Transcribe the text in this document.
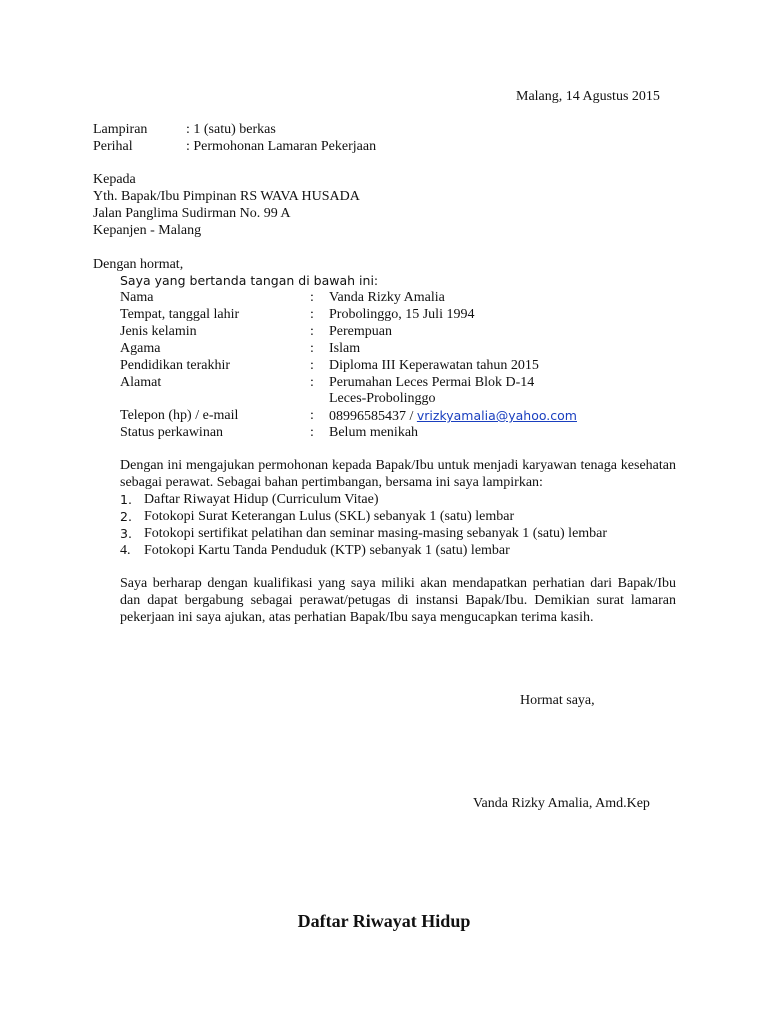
Malang, 14 Agustus 2015
Lampiran	: 1 (satu) berkas
Perihal	: Permohonan Lamaran Pekerjaan
Kepada
Yth. Bapak/Ibu Pimpinan RS WAVA HUSADA
Jalan Panglima Sudirman No. 99 A
Kepanjen - Malang
Dengan hormat,
Saya yang bertanda tangan di bawah ini:
Nama	: Vanda Rizky Amalia
Tempat, tanggal lahir	: Probolinggo, 15 Juli 1994
Jenis kelamin	: Perempuan
Agama	: Islam
Pendidikan terakhir	: Diploma III Keperawatan tahun 2015
Alamat	: Perumahan Leces Permai Blok D-14
Leces-Probolinggo
Telepon (hp) / e-mail	: 08996585437 / vrizkyamalia@yahoo.com
Status perkawinan	: Belum menikah
Dengan ini mengajukan permohonan kepada Bapak/Ibu untuk menjadi karyawan tenaga kesehatan sebagai perawat. Sebagai bahan pertimbangan, bersama ini saya lampirkan:
1. Daftar Riwayat Hidup (Curriculum Vitae)
2. Fotokopi Surat Keterangan Lulus (SKL) sebanyak 1 (satu) lembar
3. Fotokopi sertifikat pelatihan dan seminar masing-masing sebanyak 1 (satu) lembar
4. Fotokopi Kartu Tanda Penduduk (KTP) sebanyak 1 (satu) lembar
Saya berharap dengan kualifikasi yang saya miliki akan mendapatkan perhatian dari Bapak/Ibu dan dapat bergabung sebagai perawat/petugas di instansi Bapak/Ibu. Demikian surat lamaran pekerjaan ini saya ajukan, atas perhatian Bapak/Ibu saya mengucapkan terima kasih.
Hormat saya,
Vanda Rizky Amalia, Amd.Kep
Daftar Riwayat Hidup
